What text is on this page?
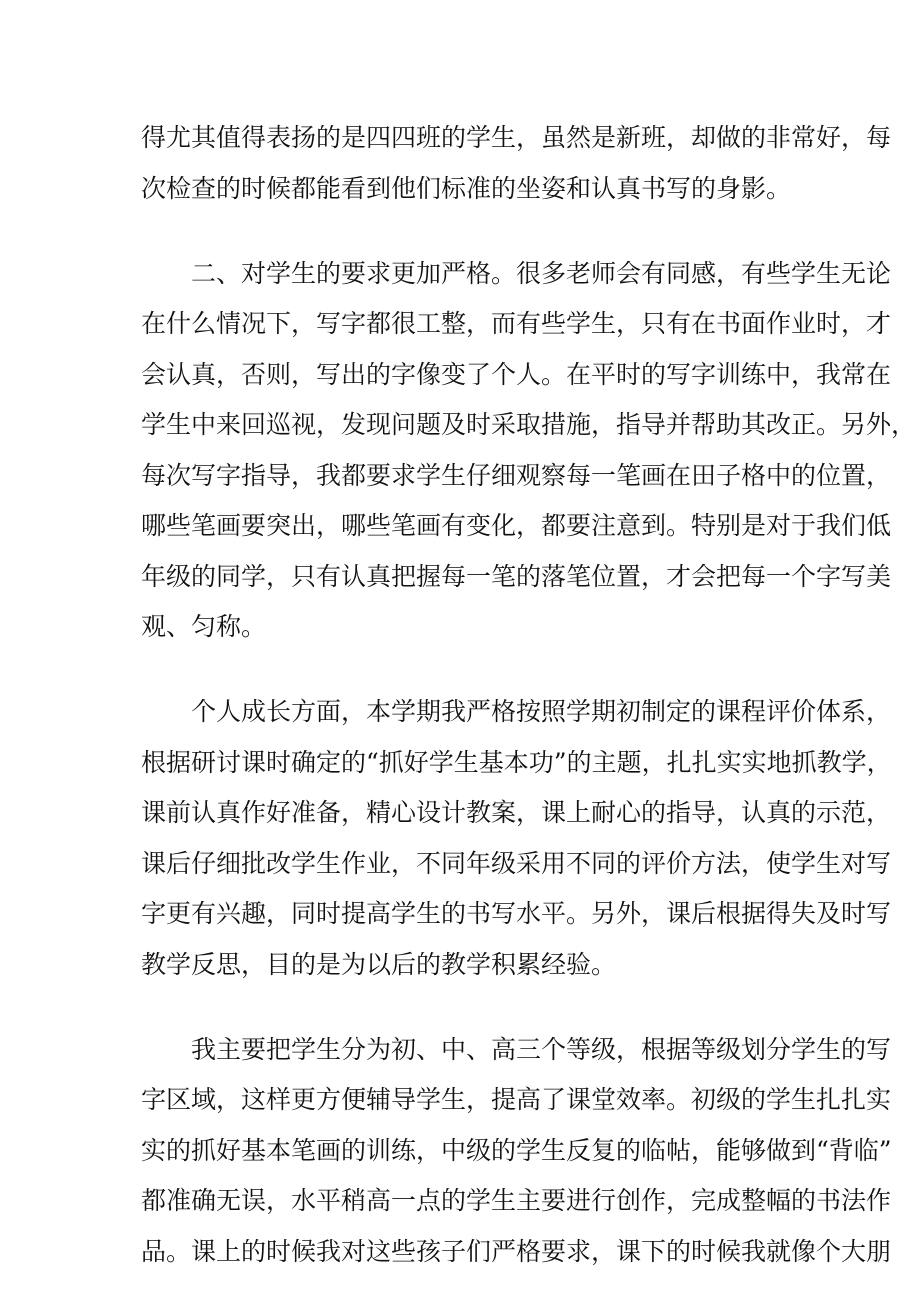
得尤其值得表扬的是四四班的学生，虽然是新班，却做的非常好，每
次检查的时候都能看到他们标准的坐姿和认真书写的身影。
　　二、对学生的要求更加严格。很多老师会有同感，有些学生无论
在什么情况下，写字都很工整，而有些学生，只有在书面作业时，才
会认真，否则，写出的字像变了个人。在平时的写字训练中，我常在
学生中来回巡视，发现问题及时采取措施，指导并帮助其改正。另外，
每次写字指导，我都要求学生仔细观察每一笔画在田子格中的位置，
哪些笔画要突出，哪些笔画有变化，都要注意到。特别是对于我们低
年级的同学，只有认真把握每一笔的落笔位置，才会把每一个字写美
观、匀称。
　　个人成长方面，本学期我严格按照学期初制定的课程评价体系，
根据研讨课时确定的“抓好学生基本功”的主题，扎扎实实地抓教学，
课前认真作好准备，精心设计教案，课上耐心的指导，认真的示范，
课后仔细批改学生作业，不同年级采用不同的评价方法，使学生对写
字更有兴趣，同时提高学生的书写水平。另外，课后根据得失及时写
教学反思，目的是为以后的教学积累经验。
　　我主要把学生分为初、中、高三个等级，根据等级划分学生的写
字区域，这样更方便辅导学生，提高了课堂效率。初级的学生扎扎实
实的抓好基本笔画的训练，中级的学生反复的临帖，能够做到“背临”
都准确无误，水平稍高一点的学生主要进行创作，完成整幅的书法作
品。课上的时候我对这些孩子们严格要求，课下的时候我就像个大朋
